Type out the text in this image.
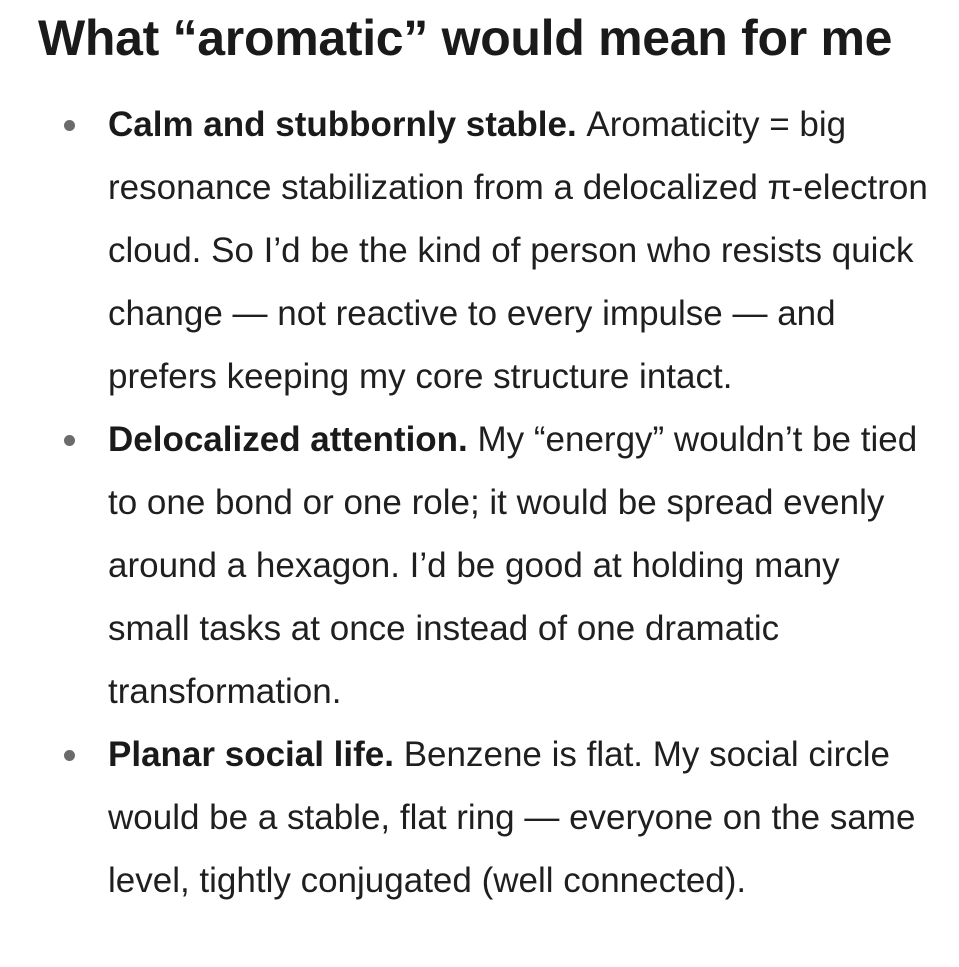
What “aromatic” would mean for me
Calm and stubbornly stable. Aromaticity = big resonance stabilization from a delocalized π-electron cloud. So I’d be the kind of person who resists quick change — not reactive to every impulse — and prefers keeping my core structure intact.
Delocalized attention. My “energy” wouldn’t be tied to one bond or one role; it would be spread evenly around a hexagon. I’d be good at holding many small tasks at once instead of one dramatic transformation.
Planar social life. Benzene is flat. My social circle would be a stable, flat ring — everyone on the same level, tightly conjugated (well connected).
